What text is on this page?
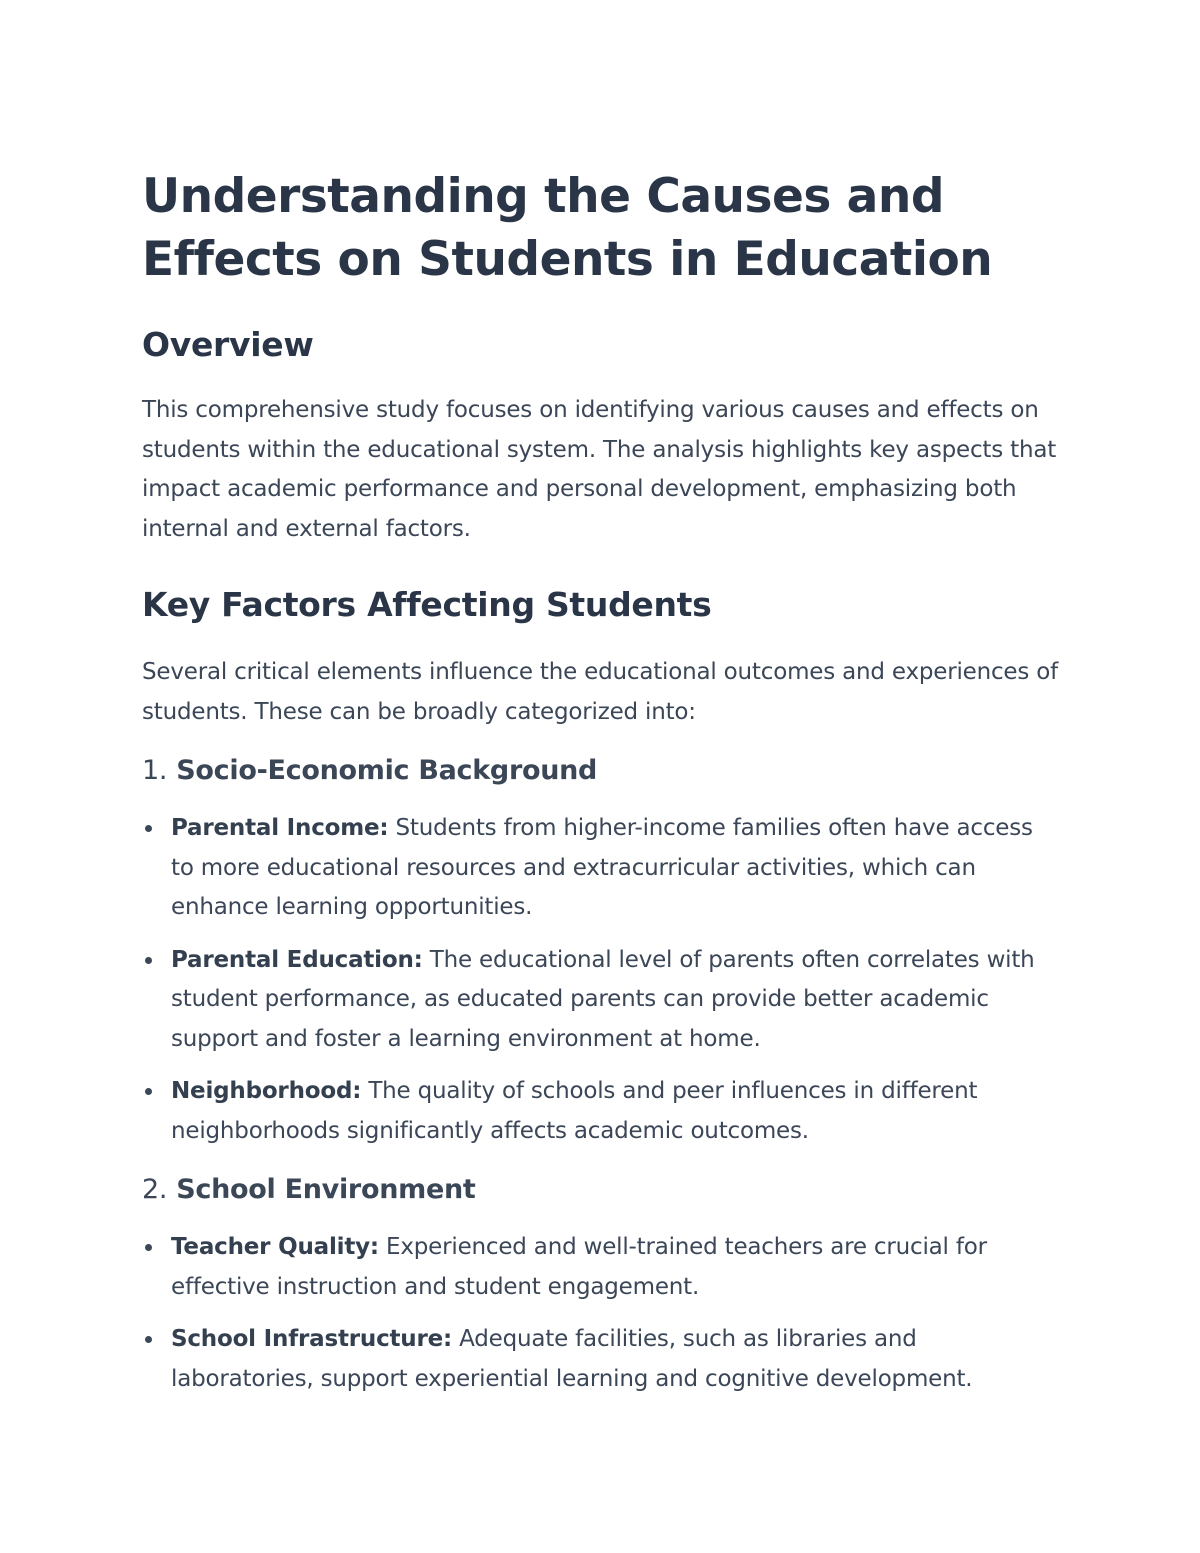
Understanding the Causes and Effects on Students in Education
Overview

This comprehensive study focuses on identifying various causes and effects on students within the educational system. The analysis highlights key aspects that impact academic performance and personal development, emphasizing both internal and external factors.

Key Factors Affecting Students

Several critical elements influence the educational outcomes and experiences of students. These can be broadly categorized into:

1. Socio-Economic Background
Parental Income: Students from higher-income families often have access to more educational resources and extracurricular activities, which can enhance learning opportunities.
Parental Education: The educational level of parents often correlates with student performance, as educated parents can provide better academic support and foster a learning environment at home.
Neighborhood: The quality of schools and peer influences in different neighborhoods significantly affects academic outcomes.
2. School Environment
Teacher Quality: Experienced and well-trained teachers are crucial for effective instruction and student engagement.
School Infrastructure: Adequate facilities, such as libraries and laboratories, support experiential learning and cognitive development.
